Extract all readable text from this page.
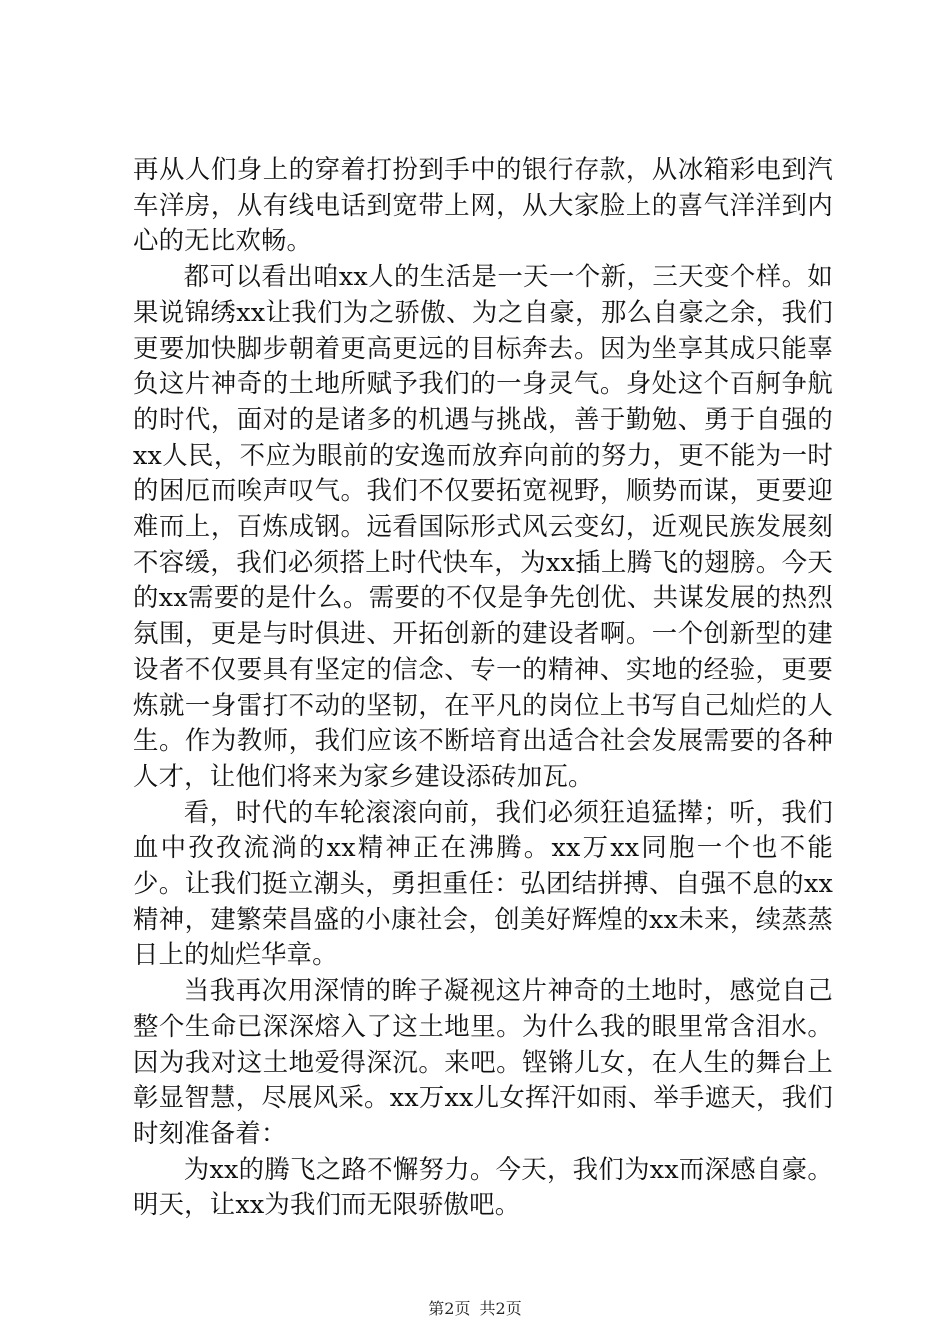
再从人们身上的穿着打扮到手中的银行存款，从冰箱彩电到汽车洋房，从有线电话到宽带上网，从大家脸上的喜气洋洋到内心的无比欢畅。

都可以看出咱xx人的生活是一天一个新，三天变个样。如果说锦绣xx让我们为之骄傲、为之自豪，那么自豪之余，我们更要加快脚步朝着更高更远的目标奔去。因为坐享其成只能辜负这片神奇的土地所赋予我们的一身灵气。身处这个百舸争航的时代，面对的是诸多的机遇与挑战，善于勤勉、勇于自强的xx人民，不应为眼前的安逸而放弃向前的努力，更不能为一时的困厄而唉声叹气。我们不仅要拓宽视野，顺势而谋，更要迎难而上，百炼成钢。远看国际形式风云变幻，近观民族发展刻不容缓，我们必须搭上时代快车，为xx插上腾飞的翅膀。今天的xx需要的是什么。需要的不仅是争先创优、共谋发展的热烈氛围，更是与时俱进、开拓创新的建设者啊。一个创新型的建设者不仅要具有坚定的信念、专一的精神、实地的经验，更要炼就一身雷打不动的坚韧，在平凡的岗位上书写自己灿烂的人生。作为教师，我们应该不断培育出适合社会发展需要的各种人才，让他们将来为家乡建设添砖加瓦。

看，时代的车轮滚滚向前，我们必须狂追猛撵；听，我们血中孜孜流淌的xx精神正在沸腾。xx万xx同胞一个也不能少。让我们挺立潮头，勇担重任：弘团结拼搏、自强不息的xx精神，建繁荣昌盛的小康社会，创美好辉煌的xx未来，续蒸蒸日上的灿烂华章。

当我再次用深情的眸子凝视这片神奇的土地时，感觉自己整个生命已深深熔入了这土地里。为什么我的眼里常含泪水。因为我对这土地爱得深沉。来吧。铿锵儿女，在人生的舞台上彰显智慧，尽展风采。xx万xx儿女挥汗如雨、举手遮天，我们时刻准备着：

为xx的腾飞之路不懈努力。今天，我们为xx而深感自豪。明天，让xx为我们而无限骄傲吧。

第2页 共2页
